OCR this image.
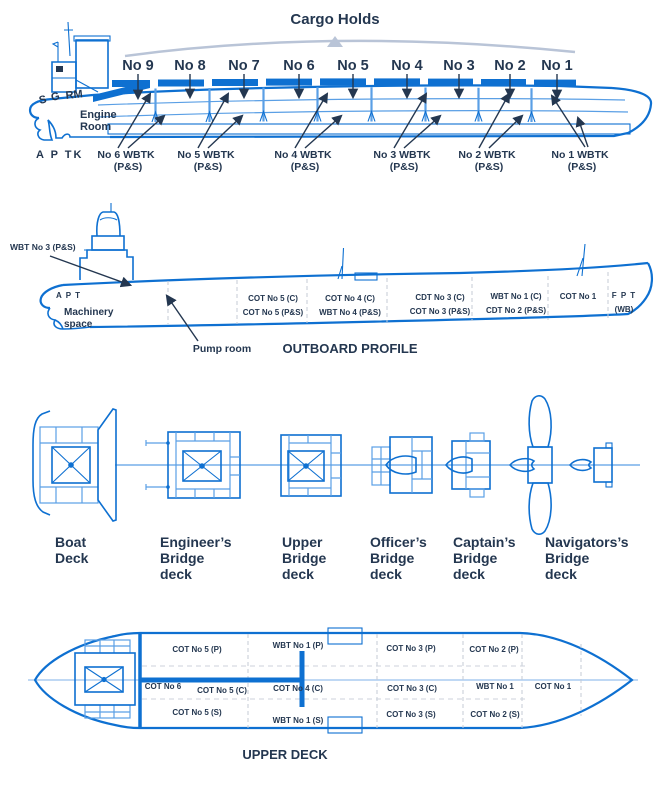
Cargo Holds
No 9 No 8 No 7 No 6 No 5 No 4 No 3 No 2 No 1
S G RM
Engine
Room
A P TK No 6 WBTK
(P&S)
No 5 WBTK
(P&S)
No 4 WBTK
(P&S)
No 3 WBTK
(P&S)
No 2 WBTK
(P&S)
No 1 WBTK
(P&S)
WBT No 3 (P&S)
A P T
Machinery
space
COT No 5 (C)
COT No 5 (P&S)
COT No 4 (C)
WBT No 4 (P&S)
CDT No 3 (C)
COT No 3 (P&S)
WBT No 1 (C)
CDT No 2 (P&S)
COT No 1 F P T
(WB)
Pump room OUTBOARD PROFILE
Boat
Deck
Engineer’s
Bridge
deck
Upper
Bridge
deck
Officer’s
Bridge
deck
Captain’s
Bridge
deck
Navigators’s
Bridge
deck
COT No 5 (P)	WBT No 1 (P)	COT No 3 (P)	COT No 2 (P)
COT No 6 COT No 5 (C)	COT No 4 (C)	COT No 3 (C)	WBT No 1	COT No 1
COT No 5 (S)
WBT No 1 (S)
COT No 3 (S)	COT No 2 (S)
UPPER DECK
